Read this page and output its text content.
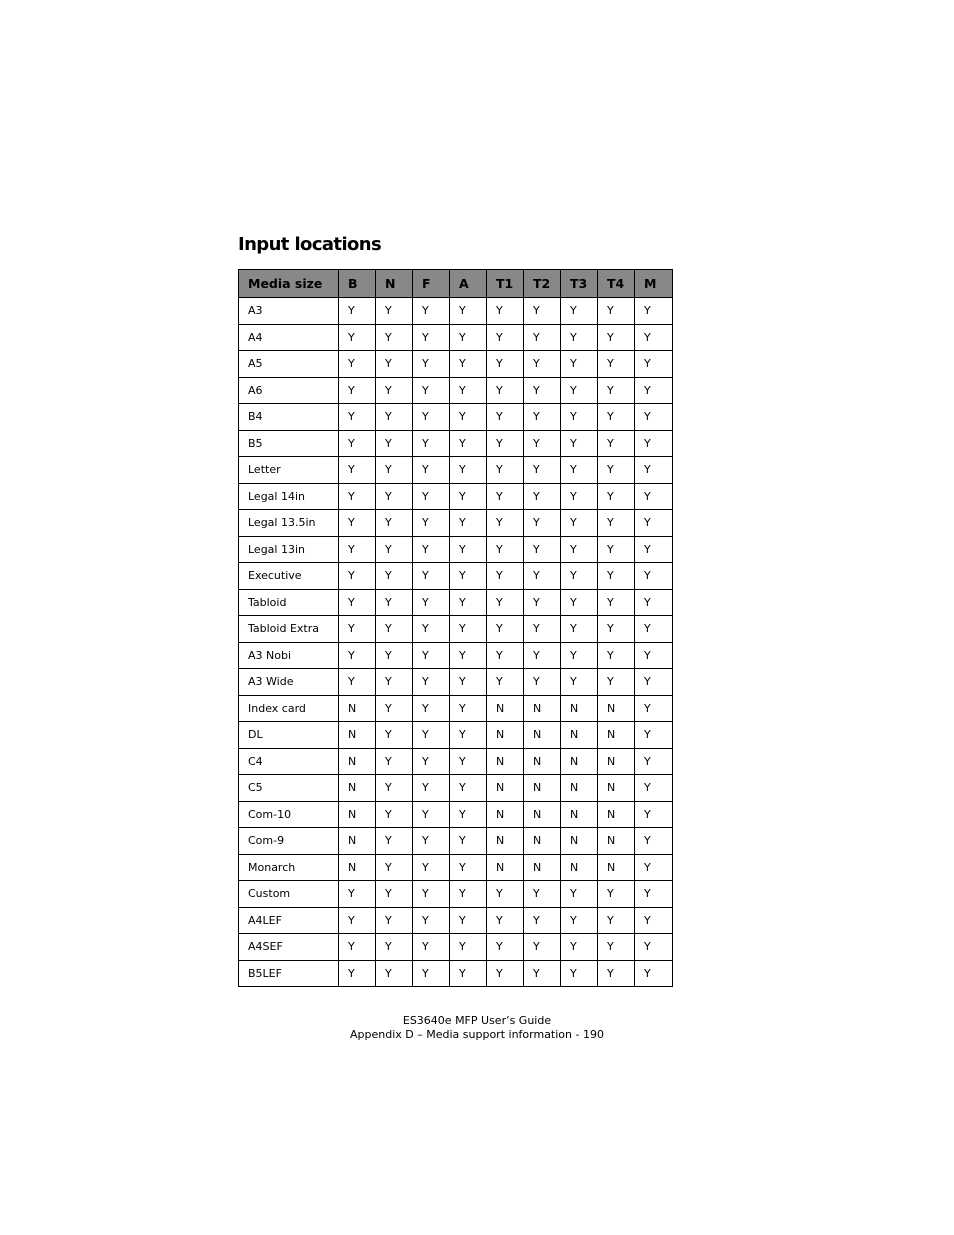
Input locations
Media size	B	N	F	A	T1	T2	T3	T4	M
A3	Y	Y	Y	Y	Y	Y	Y	Y	Y
A4	Y	Y	Y	Y	Y	Y	Y	Y	Y
A5	Y	Y	Y	Y	Y	Y	Y	Y	Y
A6	Y	Y	Y	Y	Y	Y	Y	Y	Y
B4	Y	Y	Y	Y	Y	Y	Y	Y	Y
B5	Y	Y	Y	Y	Y	Y	Y	Y	Y
Letter	Y	Y	Y	Y	Y	Y	Y	Y	Y
Legal 14in	Y	Y	Y	Y	Y	Y	Y	Y	Y
Legal 13.5in	Y	Y	Y	Y	Y	Y	Y	Y	Y
Legal 13in	Y	Y	Y	Y	Y	Y	Y	Y	Y
Executive	Y	Y	Y	Y	Y	Y	Y	Y	Y
Tabloid	Y	Y	Y	Y	Y	Y	Y	Y	Y
Tabloid Extra	Y	Y	Y	Y	Y	Y	Y	Y	Y
A3 Nobi	Y	Y	Y	Y	Y	Y	Y	Y	Y
A3 Wide	Y	Y	Y	Y	Y	Y	Y	Y	Y
Index card	N	Y	Y	Y	N	N	N	N	Y
DL	N	Y	Y	Y	N	N	N	N	Y
C4	N	Y	Y	Y	N	N	N	N	Y
C5	N	Y	Y	Y	N	N	N	N	Y
Com-10	N	Y	Y	Y	N	N	N	N	Y
Com-9	N	Y	Y	Y	N	N	N	N	Y
Monarch	N	Y	Y	Y	N	N	N	N	Y
Custom	Y	Y	Y	Y	Y	Y	Y	Y	Y
A4LEF	Y	Y	Y	Y	Y	Y	Y	Y	Y
A4SEF	Y	Y	Y	Y	Y	Y	Y	Y	Y
B5LEF	Y	Y	Y	Y	Y	Y	Y	Y	Y
ES3640e MFP User’s Guide
Appendix D – Media support information - 190
